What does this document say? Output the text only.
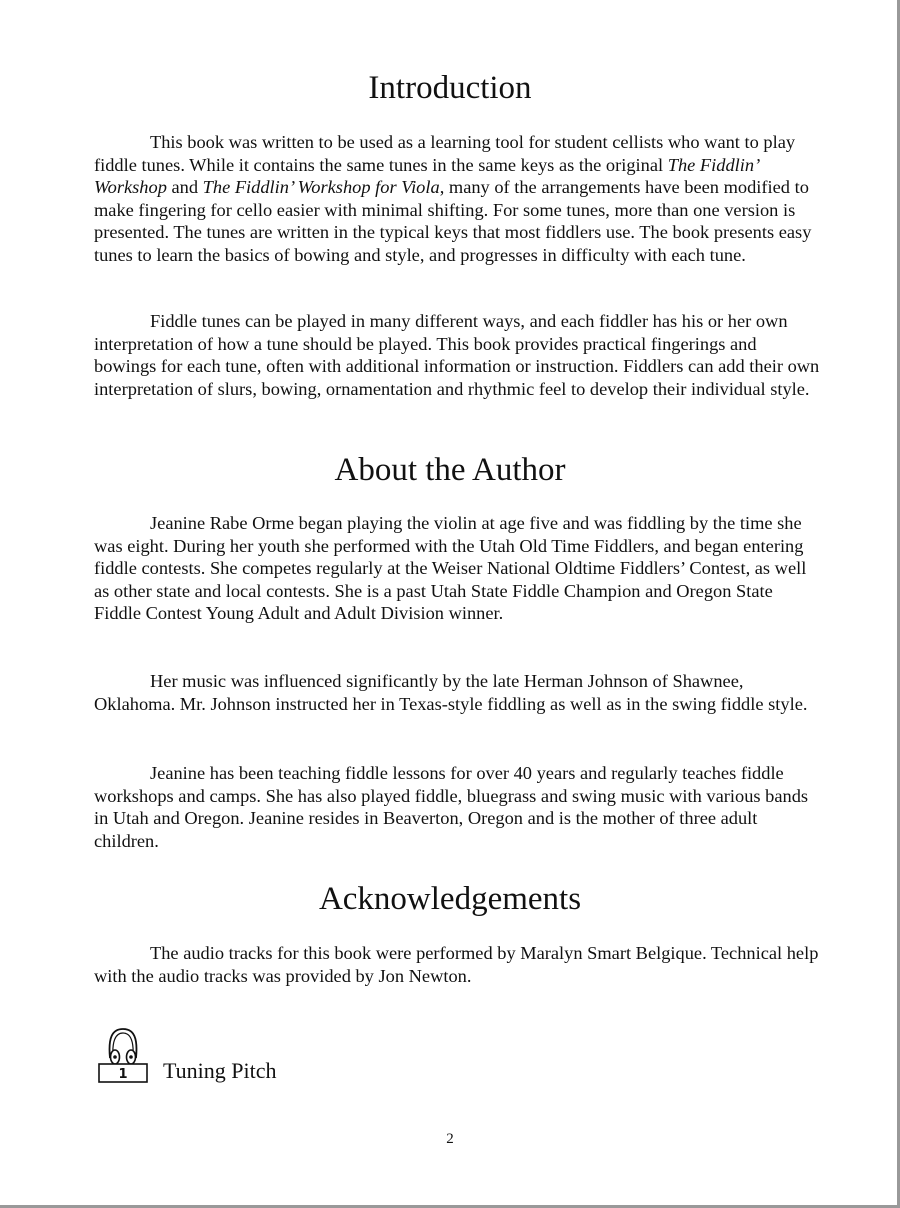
Introduction

This book was written to be used as a learning tool for student cellists who want to play fiddle tunes. While it contains the same tunes in the same keys as the original The Fiddlin’ Workshop and The Fiddlin’ Workshop for Viola, many of the arrangements have been modified to make fingering for cello easier with minimal shifting. For some tunes, more than one version is presented. The tunes are written in the typical keys that most fiddlers use. The book presents easy tunes to learn the basics of bowing and style, and progresses in difficulty with each tune.

Fiddle tunes can be played in many different ways, and each fiddler has his or her own interpretation of how a tune should be played. This book provides practical fingerings and bowings for each tune, often with additional information or instruction. Fiddlers can add their own interpretation of slurs, bowing, ornamentation and rhythmic feel to develop their individual style.

About the Author

Jeanine Rabe Orme began playing the violin at age five and was fiddling by the time she was eight. During her youth she performed with the Utah Old Time Fiddlers, and began entering fiddle contests. She competes regularly at the Weiser National Oldtime Fiddlers’ Contest, as well as other state and local contests. She is a past Utah State Fiddle Champion and Oregon State Fiddle Contest Young Adult and Adult Division winner.

Her music was influenced significantly by the late Herman Johnson of Shawnee, Oklahoma. Mr. Johnson instructed her in Texas-style fiddling as well as in the swing fiddle style.

Jeanine has been teaching fiddle lessons for over 40 years and regularly teaches fiddle workshops and camps. She has also played fiddle, bluegrass and swing music with various bands in Utah and Oregon. Jeanine resides in Beaverton, Oregon and is the mother of three adult children.

Acknowledgements

The audio tracks for this book were performed by Maralyn Smart Belgique. Technical help with the audio tracks was provided by Jon Newton.

1 Tuning Pitch
2
